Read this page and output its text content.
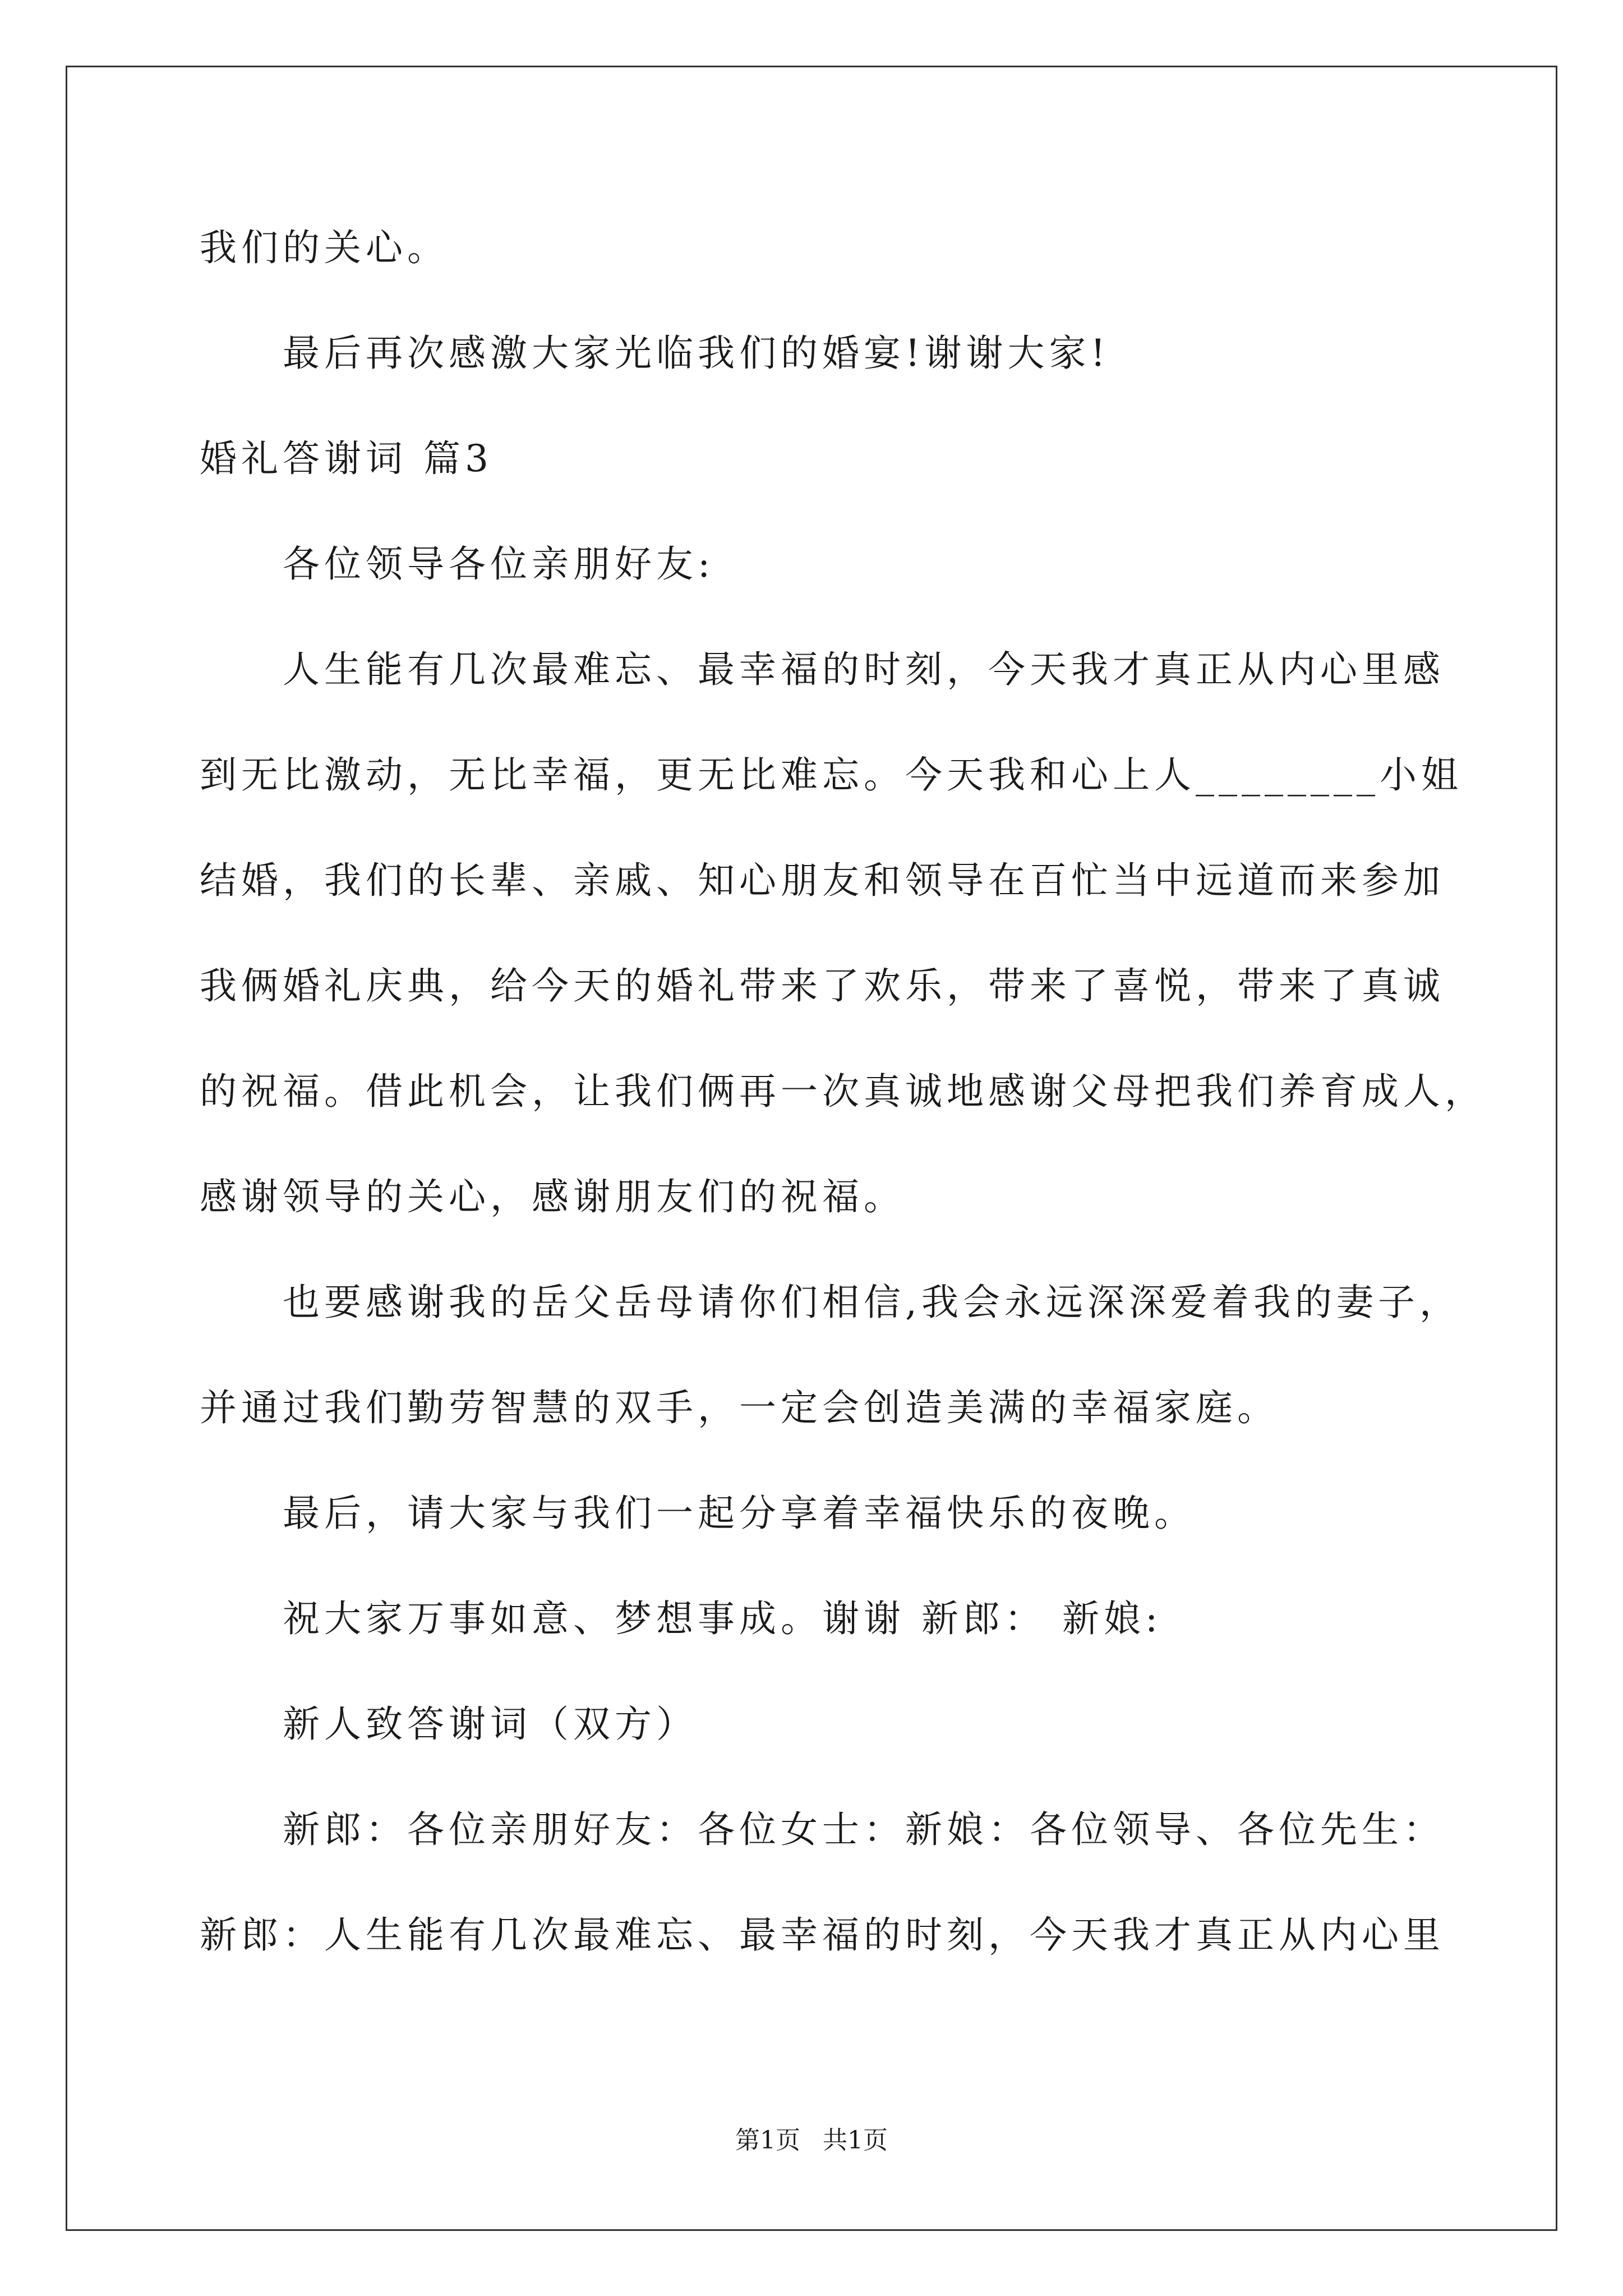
我们的关心。
最后再次感激大家光临我们的婚宴!谢谢大家!
婚礼答谢词 篇3
各位领导各位亲朋好友:
人生能有几次最难忘、最幸福的时刻，今天我才真正从内心里感
到无比激动，无比幸福，更无比难忘。今天我和心上人________小姐
结婚，我们的长辈、亲戚、知心朋友和领导在百忙当中远道而来参加
我俩婚礼庆典，给今天的婚礼带来了欢乐，带来了喜悦，带来了真诚
的祝福。借此机会，让我们俩再一次真诚地感谢父母把我们养育成人，
感谢领导的关心，感谢朋友们的祝福。
也要感谢我的岳父岳母请你们相信,我会永远深深爱着我的妻子，
并通过我们勤劳智慧的双手，一定会创造美满的幸福家庭。
最后，请大家与我们一起分享着幸福快乐的夜晚。
祝大家万事如意、梦想事成。谢谢 新郎： 新娘:
新人致答谢词（双方）
新郎：各位亲朋好友：各位女士：新娘：各位领导、各位先生：
新郎：人生能有几次最难忘、最幸福的时刻，今天我才真正从内心里
第1页 共1页
